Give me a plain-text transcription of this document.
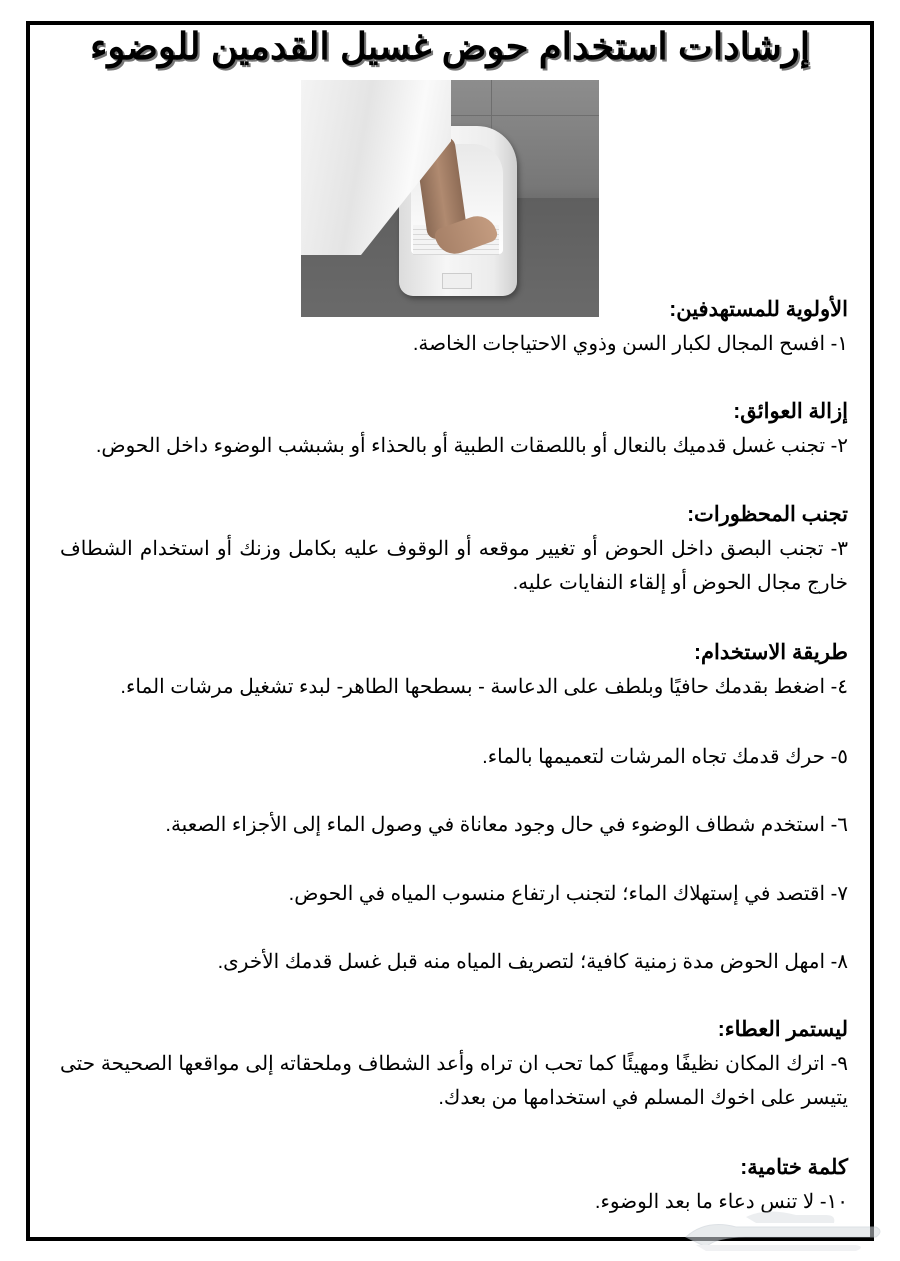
إرشادات استخدام حوض غسيل القدمين للوضوء
الأولوية للمستهدفين:
١- افسح المجال لكبار السن وذوي الاحتياجات الخاصة.
إزالة العوائق:
٢- تجنب غسل قدميك بالنعال أو باللصقات الطبية أو بالحذاء أو بشبشب الوضوء داخل الحوض.
تجنب المحظورات:
٣- تجنب البصق داخل الحوض أو تغيير موقعه أو الوقوف عليه بكامل وزنك أو استخدام الشطاف خارج مجال الحوض أو إلقاء النفايات عليه.
طريقة الاستخدام:
٤- اضغط بقدمك حافيًا وبلطف على الدعاسة - بسطحها الطاهر- لبدء تشغيل مرشات الماء.
٥- حرك قدمك تجاه المرشات لتعميمها بالماء.
٦- استخدم شطاف الوضوء في حال وجود معاناة في وصول الماء إلى الأجزاء الصعبة.
٧- اقتصد في إستهلاك الماء؛ لتجنب ارتفاع منسوب المياه في الحوض.
٨- امهل الحوض مدة زمنية كافية؛ لتصريف المياه منه قبل غسل قدمك الأخرى.
ليستمر العطاء:
٩- اترك المكان نظيفًا ومهيئًا كما تحب ان تراه وأعد الشطاف وملحقاته إلى مواقعها الصحيحة حتى يتيسر على اخوك المسلم في استخدامها من بعدك.
كلمة ختامية:
١٠- لا تنس دعاء ما بعد الوضوء.
